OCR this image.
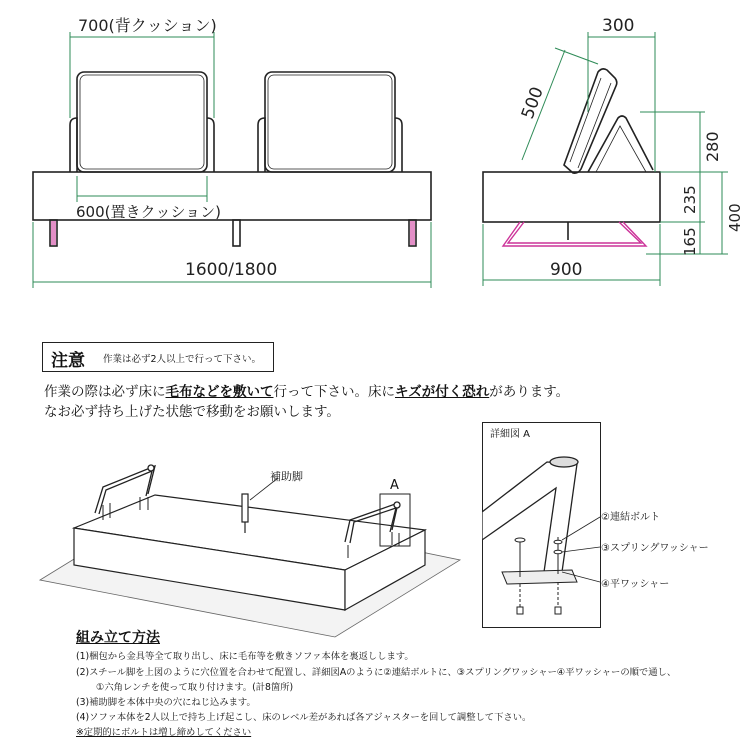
700(背クッション)
600(置きクッション)
1600/1800
300
500
280
235
400
165
900
注意 作業は必ず2人以上で行って下さい。
作業の際は必ず床に毛布などを敷いて行って下さい。床にキズが付く恐れがあります。
なお必ず持ち上げた状態で移動をお願いします。
補助脚
A
詳細図 A
②連結ボルト
③スプリングワッシャー
④平ワッシャー
組み立て方法
(1)梱包から金具等全て取り出し、床に毛布等を敷きソファ本体を裏返しします。
(2)スチール脚を上図のように穴位置を合わせて配置し、詳細図Aのように②連結ボルトに、③スプリングワッシャー④平ワッシャーの順で通し、
①六角レンチを使って取り付けます。(計8箇所)
(3)補助脚を本体中央の穴にねじ込みます。
(4)ソファ本体を2人以上で持ち上げ起こし、床のレベル差があれば各アジャスターを回して調整して下さい。
※定期的にボルトは増し締めしてください
